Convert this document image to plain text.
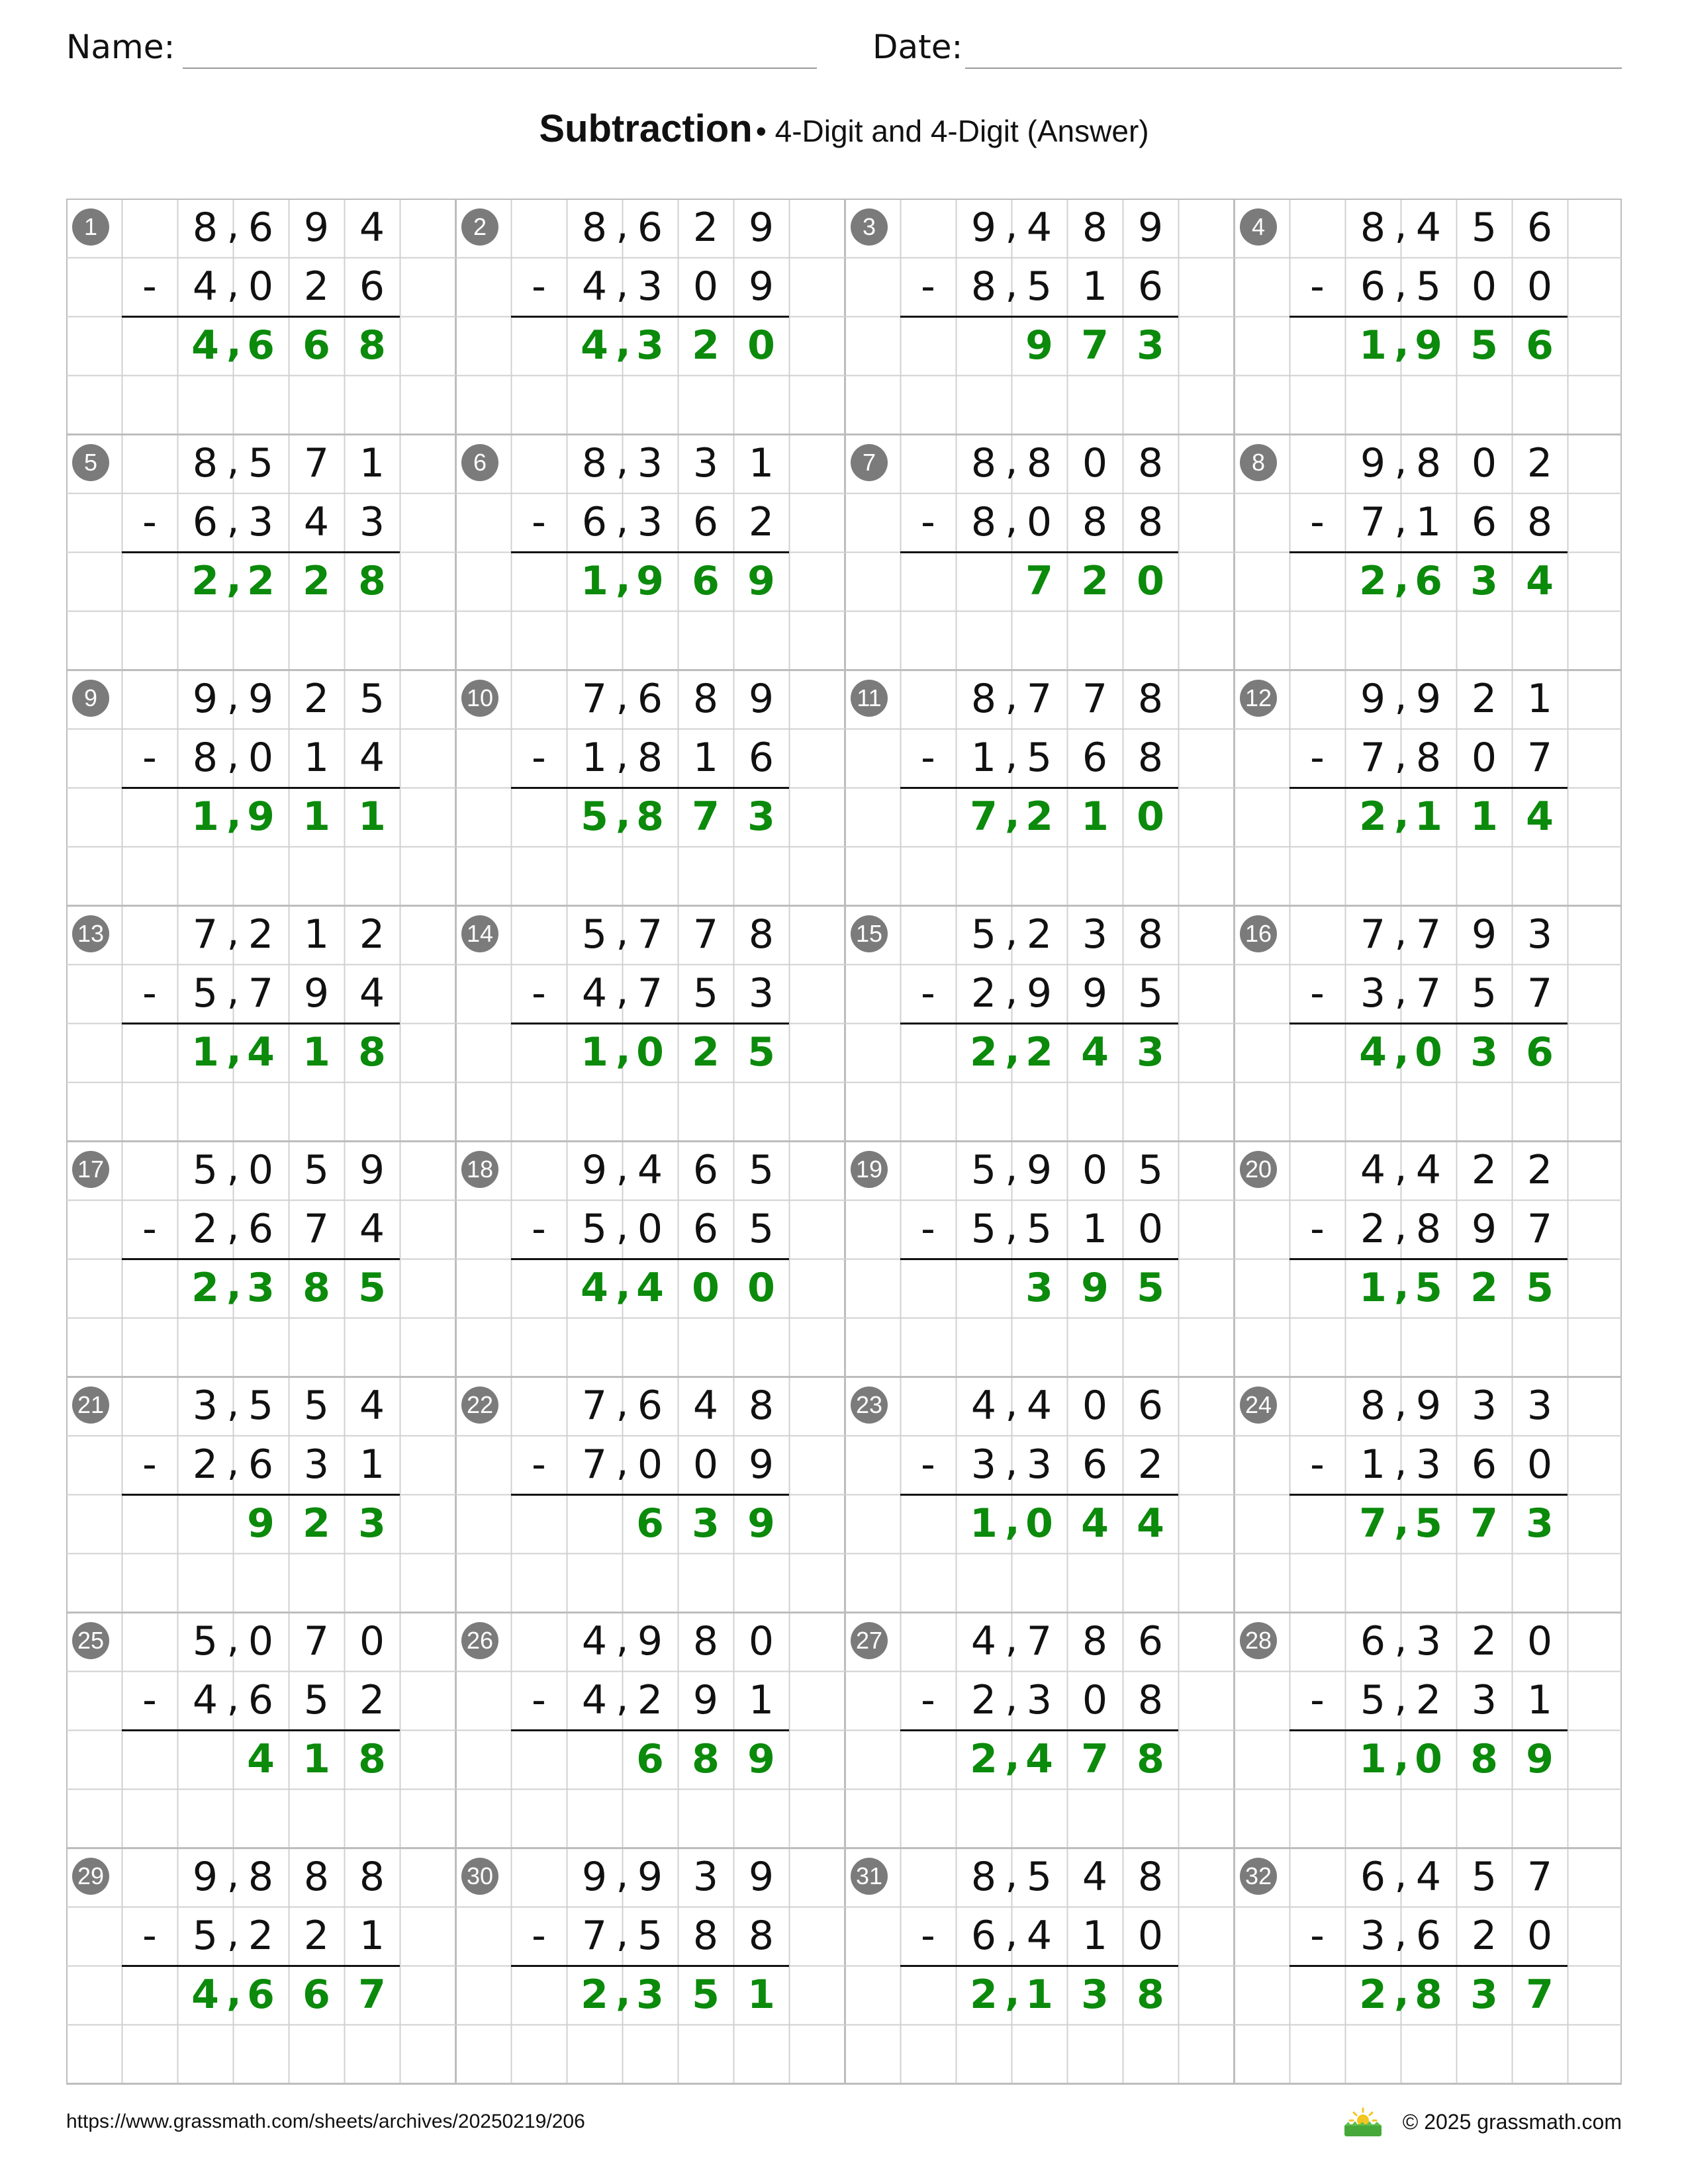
Name:	Date:
Subtraction • 4-Digit and 4-Digit (Answer)
1
-
8 6 9 4
,
4 0 2 6
,
4 6 6 8
,
2
-
8 6 2 9
,
4 3 0 9
,
4 3 2 0
,
3
-
9 4 8 9
,
8 5 1 6
,
9 7 3
4
-
8 4 5 6
,
6 5 0 0
,
1 9 5 6
,
5
-
8 5 7 1
,
6 3 4 3
,
2 2 2 8
,
6
-
8 3 3 1
,
6 3 6 2
,
1 9 6 9
,
7
-
8 8 0 8
,
8 0 8 8
,
7 2 0
8
-
9 8 0 2
,
7 1 6 8
,
2 6 3 4
,
9
-
9 9 2 5
,
8 0 1 4
,
1 9 1 1
,
10
-
7 6 8 9
,
1 8 1 6
,
5 8 7 3
,
11
-
8 7 7 8
,
1 5 6 8
,
7 2 1 0
,
12
-
9 9 2 1
,
7 8 0 7
,
2 1 1 4
,
13
-
7 2 1 2
,
5 7 9 4
,
1 4 1 8
,
14
-
5 7 7 8
,
4 7 5 3
,
1 0 2 5
,
15
-
5 2 3 8
,
2 9 9 5
,
2 2 4 3
,
16
-
7 7 9 3
,
3 7 5 7
,
4 0 3 6
,
17
-
5 0 5 9
,
2 6 7 4
,
2 3 8 5
,
18
-
9 4 6 5
,
5 0 6 5
,
4 4 0 0
,
19
-
5 9 0 5
,
5 5 1 0
,
3 9 5
20
-
4 4 2 2
,
2 8 9 7
,
1 5 2 5
,
21
-
3 5 5 4
,
2 6 3 1
,
9 2 3
22
-
7 6 4 8
,
7 0 0 9
,
6 3 9
23
-
4 4 0 6
,
3 3 6 2
,
1 0 4 4
,
24
-
8 9 3 3
,
1 3 6 0
,
7 5 7 3
,
25
-
5 0 7 0
,
4 6 5 2
,
4 1 8
26
-
4 9 8 0
,
4 2 9 1
,
6 8 9
27
-
4 7 8 6
,
2 3 0 8
,
2 4 7 8
,
28
-
6 3 2 0
,
5 2 3 1
,
1 0 8 9
,
29
-
9 8 8 8
,
5 2 2 1
,
4 6 6 7
,
30
-
9 9 3 9
,
7 5 8 8
,
2 3 5 1
,
31
-
8 5 4 8
,
6 4 1 0
,
2 1 3 8
,
32
-
6 4 5 7
,
3 6 2 0
,
2 8 3 7
,
https://www.grassmath.com/sheets/archives/20250219/206	© 2025 grassmath.com
